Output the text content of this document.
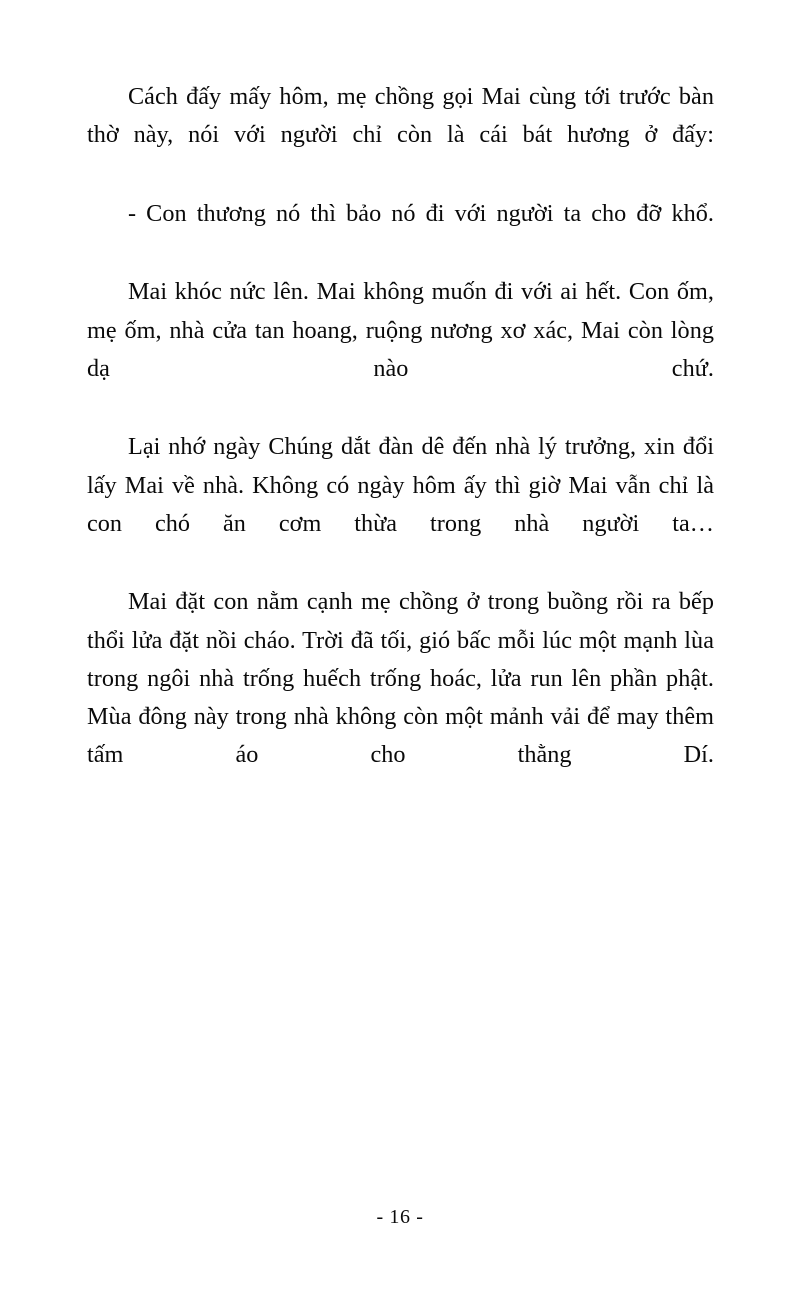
Cách đấy mấy hôm, mẹ chồng gọi Mai cùng tới trước bàn thờ này, nói với người chỉ còn là cái bát hương ở đấy:

- Con thương nó thì bảo nó đi với người ta cho đỡ khổ.

Mai khóc nức lên. Mai không muốn đi với ai hết. Con ốm, mẹ ốm, nhà cửa tan hoang, ruộng nương xơ xác, Mai còn lòng dạ nào chứ.

Lại nhớ ngày Chúng dắt đàn dê đến nhà lý trưởng, xin đổi lấy Mai về nhà. Không có ngày hôm ấy thì giờ Mai vẫn chỉ là con chó ăn cơm thừa trong nhà người ta…

Mai đặt con nằm cạnh mẹ chồng ở trong buồng rồi ra bếp thổi lửa đặt nồi cháo. Trời đã tối, gió bấc mỗi lúc một mạnh lùa trong ngôi nhà trống huếch trống hoác, lửa run lên phần phật. Mùa đông này trong nhà không còn một mảnh vải để may thêm tấm áo cho thằng Dí.

- 16 -
